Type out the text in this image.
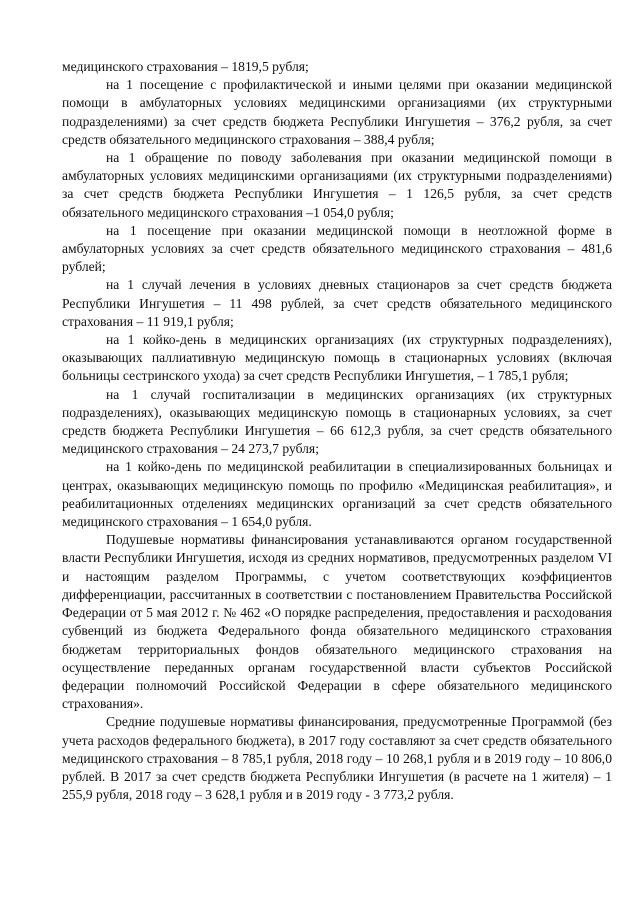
медицинского страхования – 1819,5 рубля;

на 1 посещение с профилактической и иными целями при оказании медицинской помощи в амбулаторных условиях медицинскими организациями (их структурными подразделениями) за счет средств бюджета Республики Ингушетия – 376,2 рубля, за счет средств обязательного медицинского страхования – 388,4 рубля;

на 1 обращение по поводу заболевания при оказании медицинской помощи в амбулаторных условиях медицинскими организациями (их структурными подразделениями) за счет средств бюджета Республики Ингушетия – 1 126,5 рубля, за счет средств обязательного медицинского страхования –1 054,0 рубля;

на 1 посещение при оказании медицинской помощи в неотложной форме в амбулаторных условиях за счет средств обязательного медицинского страхования – 481,6 рублей;

на 1 случай лечения в условиях дневных стационаров за счет средств бюджета Республики Ингушетия – 11 498 рублей, за счет средств обязательного медицинского страхования – 11 919,1 рубля;

на 1 койко-день в медицинских организациях (их структурных подразделениях), оказывающих паллиативную медицинскую помощь в стационарных условиях (включая больницы сестринского ухода) за счет средств Республики Ингушетия, – 1 785,1 рубля;

на 1 случай госпитализации в медицинских организациях (их структурных подразделениях), оказывающих медицинскую помощь в стационарных условиях, за счет средств бюджета Республики Ингушетия – 66 612,3 рубля, за счет средств обязательного медицинского страхования – 24 273,7 рубля;

на 1 койко-день по медицинской реабилитации в специализированных больницах и центрах, оказывающих медицинскую помощь по профилю «Медицинская реабилитация», и реабилитационных отделениях медицинских организаций за счет средств обязательного медицинского страхования – 1 654,0 рубля.

Подушевые нормативы финансирования устанавливаются органом государственной власти Республики Ингушетия, исходя из средних нормативов, предусмотренных разделом VI и настоящим разделом Программы, с учетом соответствующих коэффициентов дифференциации, рассчитанных в соответствии с постановлением Правительства Российской Федерации от 5 мая 2012 г. № 462 «О порядке распределения, предоставления и расходования субвенций из бюджета Федерального фонда обязательного медицинского страхования бюджетам территориальных фондов обязательного медицинского страхования на осуществление переданных органам государственной власти субъектов Российской федерации полномочий Российской Федерации в сфере обязательного медицинского страхования».

Средние подушевые нормативы финансирования, предусмотренные Программой (без учета расходов федерального бюджета), в 2017 году составляют за счет средств обязательного медицинского страхования – 8 785,1 рубля, 2018 году – 10 268,1 рубля и в 2019 году – 10 806,0 рублей. В 2017 за счет средств бюджета Республики Ингушетия (в расчете на 1 жителя) – 1 255,9 рубля, 2018 году – 3 628,1 рубля и в 2019 году - 3 773,2 рубля.
